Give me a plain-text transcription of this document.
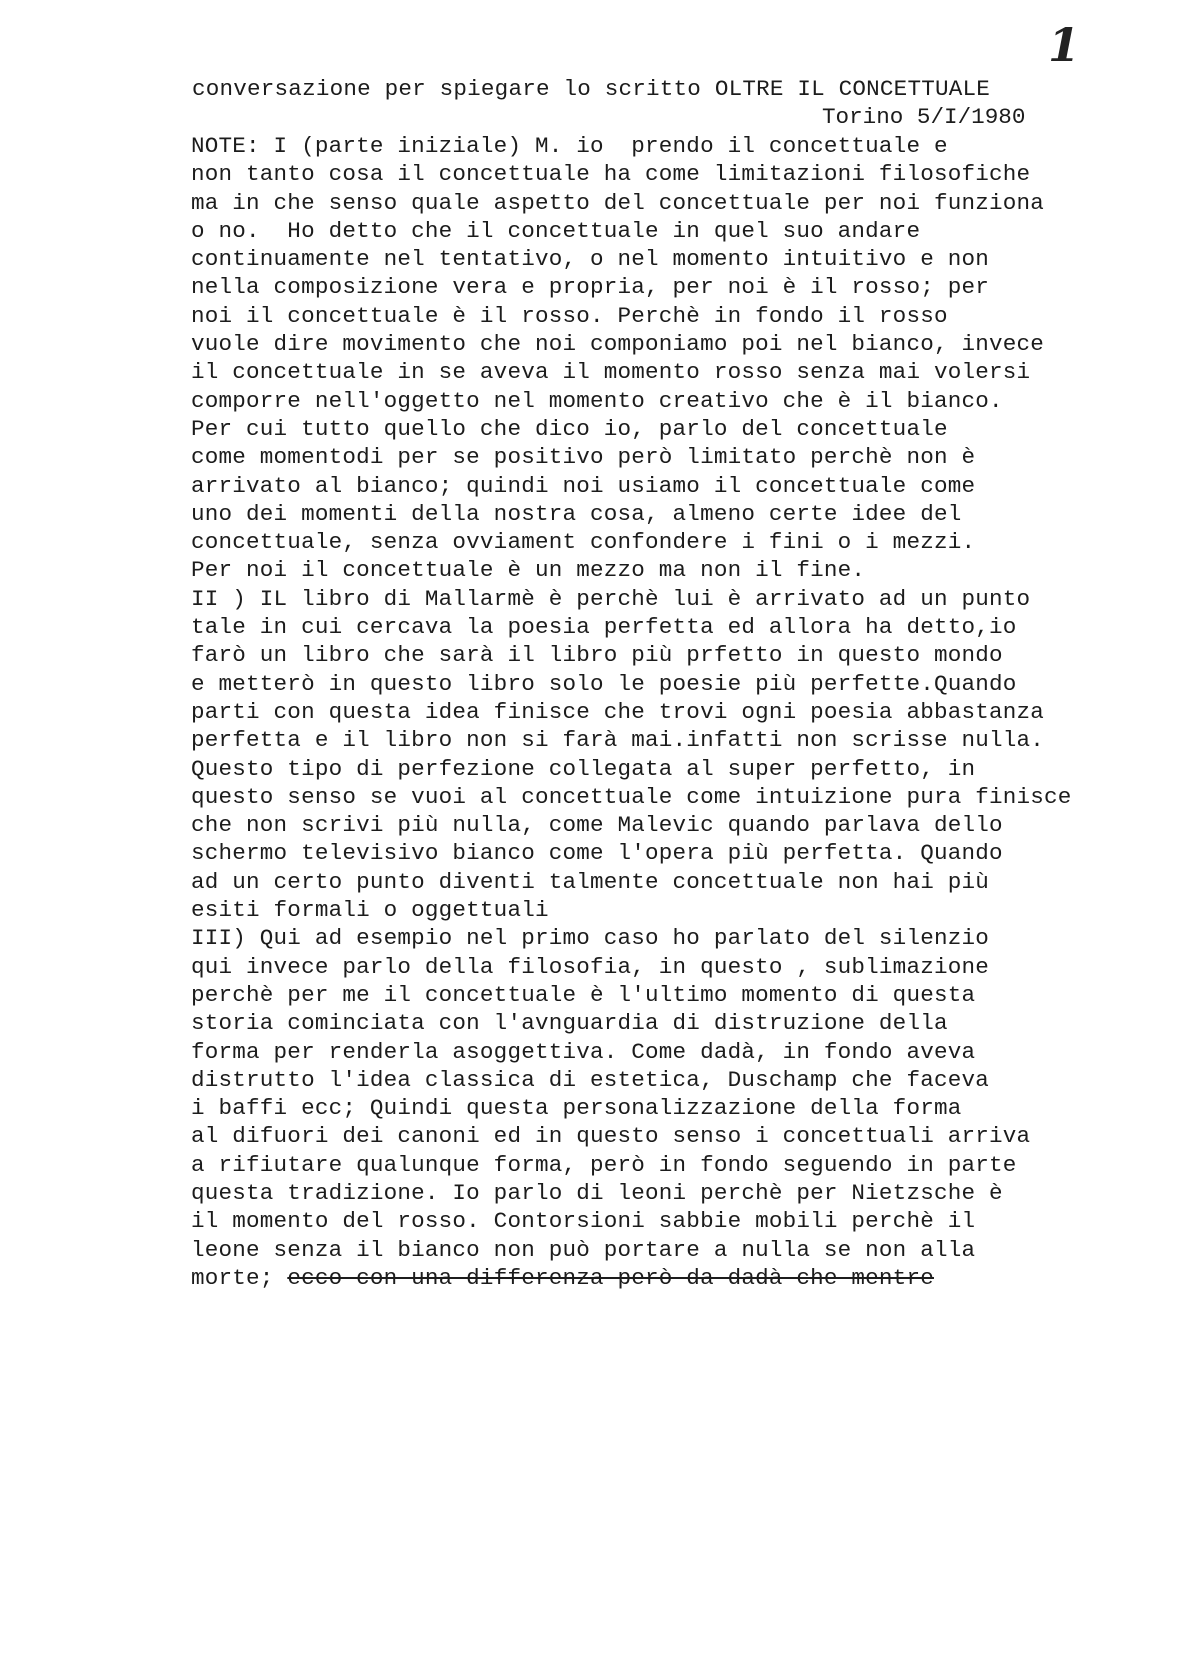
1
conversazione per spiegare lo scritto OLTRE IL CONCETTUALE
Torino 5/I/1980
NOTE: I (parte iniziale) M. io  prendo il concettuale e
non tanto cosa il concettuale ha come limitazioni filosofiche
ma in che senso quale aspetto del concettuale per noi funziona
o no.  Ho detto che il concettuale in quel suo andare
continuamente nel tentativo, o nel momento intuitivo e non
nella composizione vera e propria, per noi è il rosso; per
noi il concettuale è il rosso. Perchè in fondo il rosso
vuole dire movimento che noi componiamo poi nel bianco, invece
il concettuale in se aveva il momento rosso senza mai volersi
comporre nell'oggetto nel momento creativo che è il bianco.
Per cui tutto quello che dico io, parlo del concettuale
come momentodi per se positivo però limitato perchè non è
arrivato al bianco; quindi noi usiamo il concettuale come
uno dei momenti della nostra cosa, almeno certe idee del
concettuale, senza ovviament confondere i fini o i mezzi.
Per noi il concettuale è un mezzo ma non il fine.
II ) IL libro di Mallarmè è perchè lui è arrivato ad un punto
tale in cui cercava la poesia perfetta ed allora ha detto,io
farò un libro che sarà il libro più prfetto in questo mondo
e metterò in questo libro solo le poesie più perfette.Quando
parti con questa idea finisce che trovi ogni poesia abbastanza
perfetta e il libro non si farà mai.infatti non scrisse nulla.
Questo tipo di perfezione collegata al super perfetto, in
questo senso se vuoi al concettuale come intuizione pura finisce
che non scrivi più nulla, come Malevic quando parlava dello
schermo televisivo bianco come l'opera più perfetta. Quando
ad un certo punto diventi talmente concettuale non hai più
esiti formali o oggettuali
III) Qui ad esempio nel primo caso ho parlato del silenzio
qui invece parlo della filosofia, in questo , sublimazione
perchè per me il concettuale è l'ultimo momento di questa
storia cominciata con l'avnguardia di distruzione della
forma per renderla asoggettiva. Come dadà, in fondo aveva
distrutto l'idea classica di estetica, Duschamp che faceva
i baffi ecc; Quindi questa personalizzazione della forma
al difuori dei canoni ed in questo senso i concettuali arriva
a rifiutare qualunque forma, però in fondo seguendo in parte
questa tradizione. Io parlo di leoni perchè per Nietzsche è
il momento del rosso. Contorsioni sabbie mobili perchè il
leone senza il bianco non può portare a nulla se non alla
morte; ecco con una differenza però da dadà che mentre
